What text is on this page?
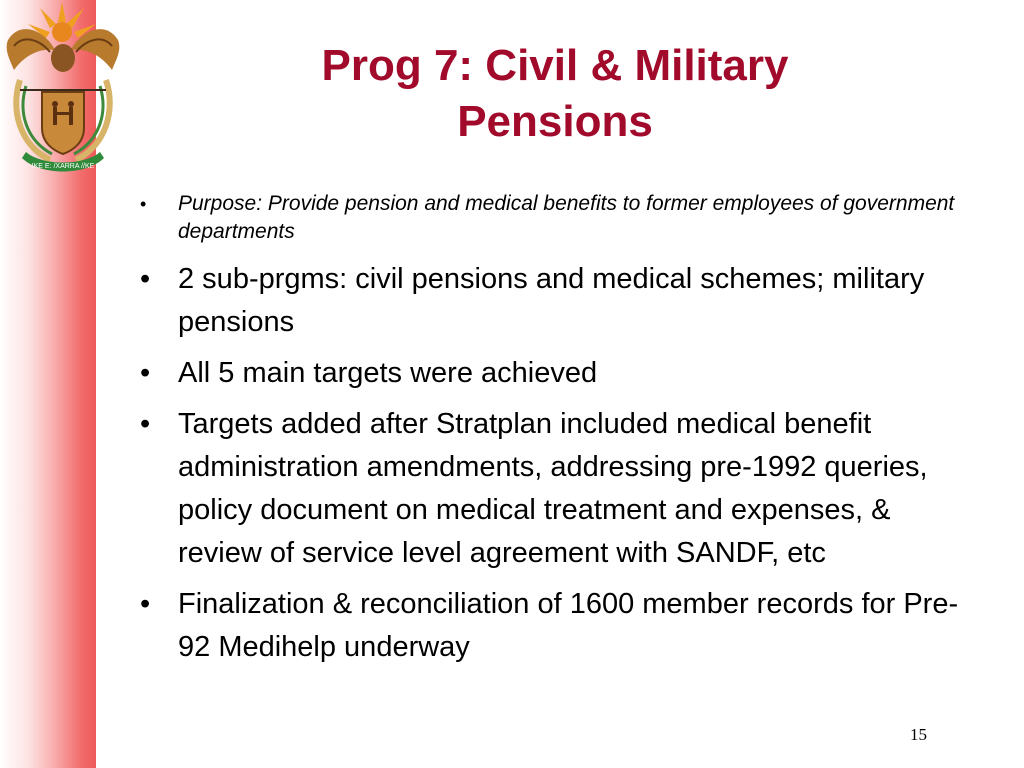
!KE E: /XARRA //KE
Prog 7: Civil & Military Pensions
• Purpose: Provide pension and medical benefits to former employees of government departments
• 2 sub-prgms: civil pensions and medical schemes; military pensions
• All 5 main targets were achieved
• Targets added after Stratplan included medical benefit administration amendments, addressing pre-1992 queries, policy document on medical treatment and expenses, & review of service level agreement with SANDF, etc
• Finalization & reconciliation of 1600 member records for Pre-92 Medihelp underway
15
